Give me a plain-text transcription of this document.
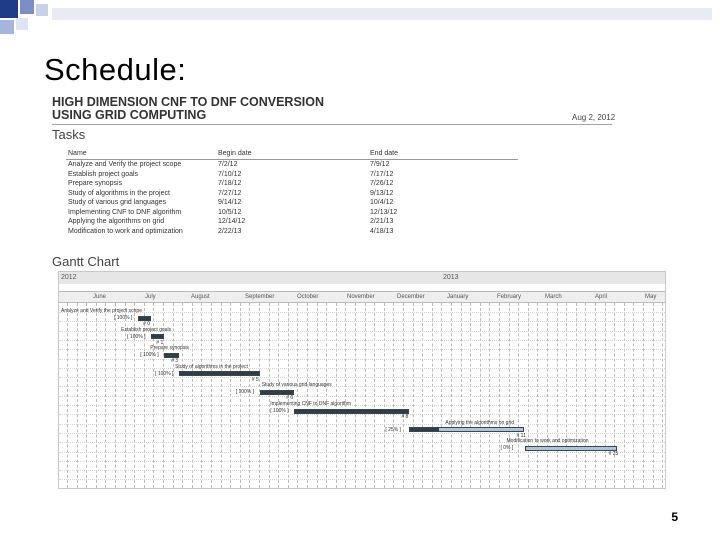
Schedule:
HIGH DIMENSION CNF TO DNF CONVERSION
USING GRID COMPUTING	Aug 2, 2012
Tasks
Name	Begin date	End date
Analyze and Verify the project scope	7/2/12	7/9/12
Establish project goals	7/10/12	7/17/12
Prepare synopsis	7/18/12	7/26/12
Study of algorithms in the project	7/27/12	9/13/12
Study of various grid languages	9/14/12	10/4/12
Implementing CNF to DNF algorithm	10/5/12	12/13/12
Applying the algorithms on grid	12/14/12	2/21/13
Modification to work and optimization	2/22/13	4/18/13
Gantt Chart
2012	2013
June	July	August	September	October	November	December	January	February	March	April	May
Analyze and Verify the project scope
[ 100% ]
# 0
Establish project goals
[ 100% ]
# 1
Prepare synopsis
[ 100% ]
# 3
Study of algorithms in the project
[ 100% ]
# 5
Study of various grid languages
[ 100% ]
# 6
Implementing CNF to DNF algorithm
[ 100% ]
# 8
Applying the algorithms on grid
[ 25% ]
# 11
Modification to work and optimization
[ 0% ]
# 25
5
